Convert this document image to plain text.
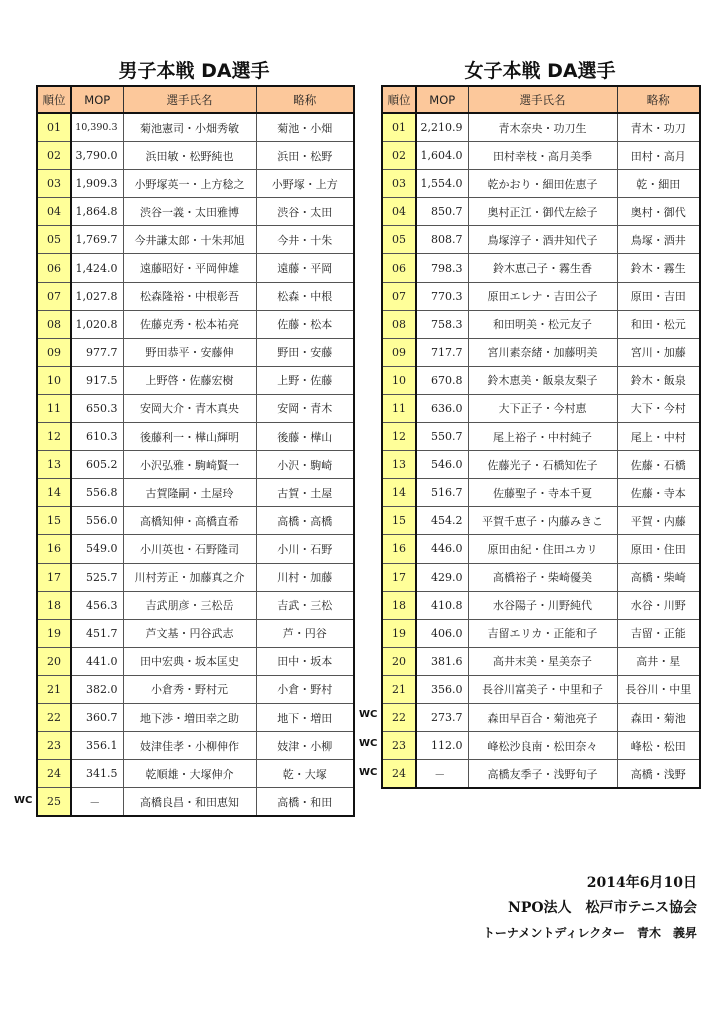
男子本戦 DA選手	女子本戦 DA選手
順位	MOP	選手氏名	略称
01	10,390.3	菊池憲司・小畑秀敏	菊池・小畑
02	3,790.0	浜田敏・松野純也	浜田・松野
03	1,909.3	小野塚英一・上方稔之	小野塚・上方
04	1,864.8	渋谷一義・太田雅博	渋谷・太田
05	1,769.7	今井謙太郎・十朱邦旭	今井・十朱
06	1,424.0	遠藤昭好・平岡伸雄	遠藤・平岡
07	1,027.8	松森隆裕・中根彰吾	松森・中根
08	1,020.8	佐藤克秀・松本祐亮	佐藤・松本
09	977.7	野田恭平・安藤伸	野田・安藤
10	917.5	上野啓・佐藤宏樹	上野・佐藤
11	650.3	安岡大介・青木真央	安岡・青木
12	610.3	後藤利一・樺山輝明	後藤・樺山
13	605.2	小沢弘雅・駒崎賢一	小沢・駒崎
14	556.8	古賀隆嗣・土屋玲	古賀・土屋
15	556.0	高橋知伸・高橋直希	高橋・高橋
16	549.0	小川英也・石野隆司	小川・石野
17	525.7	川村芳正・加藤真之介	川村・加藤
18	456.3	吉武朋彦・三松岳	吉武・三松
19	451.7	芦文基・円谷武志	芦・円谷
20	441.0	田中宏典・坂本匡史	田中・坂本
21	382.0	小倉秀・野村元	小倉・野村
22	360.7	地下渉・増田幸之助	地下・増田
23	356.1	妓津佳孝・小柳伸作	妓津・小柳
24	341.5	乾順雄・大塚伸介	乾・大塚
25	－	高橋良昌・和田恵知	高橋・和田
順位	MOP	選手氏名	略称
01	2,210.9	青木奈央・功刀生	青木・功刀
02	1,604.0	田村幸枝・高月美季	田村・高月
03	1,554.0	乾かおり・細田佐恵子	乾・細田
04	850.7	奥村正江・御代左絵子	奥村・御代
05	808.7	鳥塚淳子・酒井知代子	鳥塚・酒井
06	798.3	鈴木恵己子・霧生香	鈴木・霧生
07	770.3	原田エレナ・吉田公子	原田・吉田
08	758.3	和田明美・松元友子	和田・松元
09	717.7	宮川素奈緒・加藤明美	宮川・加藤
10	670.8	鈴木恵美・飯泉友梨子	鈴木・飯泉
11	636.0	大下正子・今村恵	大下・今村
12	550.7	尾上裕子・中村純子	尾上・中村
13	546.0	佐藤光子・石橋知佐子	佐藤・石橋
14	516.7	佐藤聖子・寺本千夏	佐藤・寺本
15	454.2	平賀千恵子・内藤みきこ	平賀・内藤
16	446.0	原田由紀・住田ユカリ	原田・住田
17	429.0	高橋裕子・柴崎優美	高橋・柴崎
18	410.8	水谷陽子・川野純代	水谷・川野
19	406.0	吉留エリカ・正能和子	吉留・正能
20	381.6	高井末美・星美奈子	高井・星
21	356.0	長谷川富美子・中里和子	長谷川・中里
22	273.7	森田早百合・菊池亮子	森田・菊池
23	112.0	峰松沙良南・松田奈々	峰松・松田
24	－	高橋友季子・浅野旬子	高橋・浅野
WC
WC
WC
WC
2014年6月10日
NPO法人　松戸市テニス協会
トーナメントディレクター　青木　義昇
